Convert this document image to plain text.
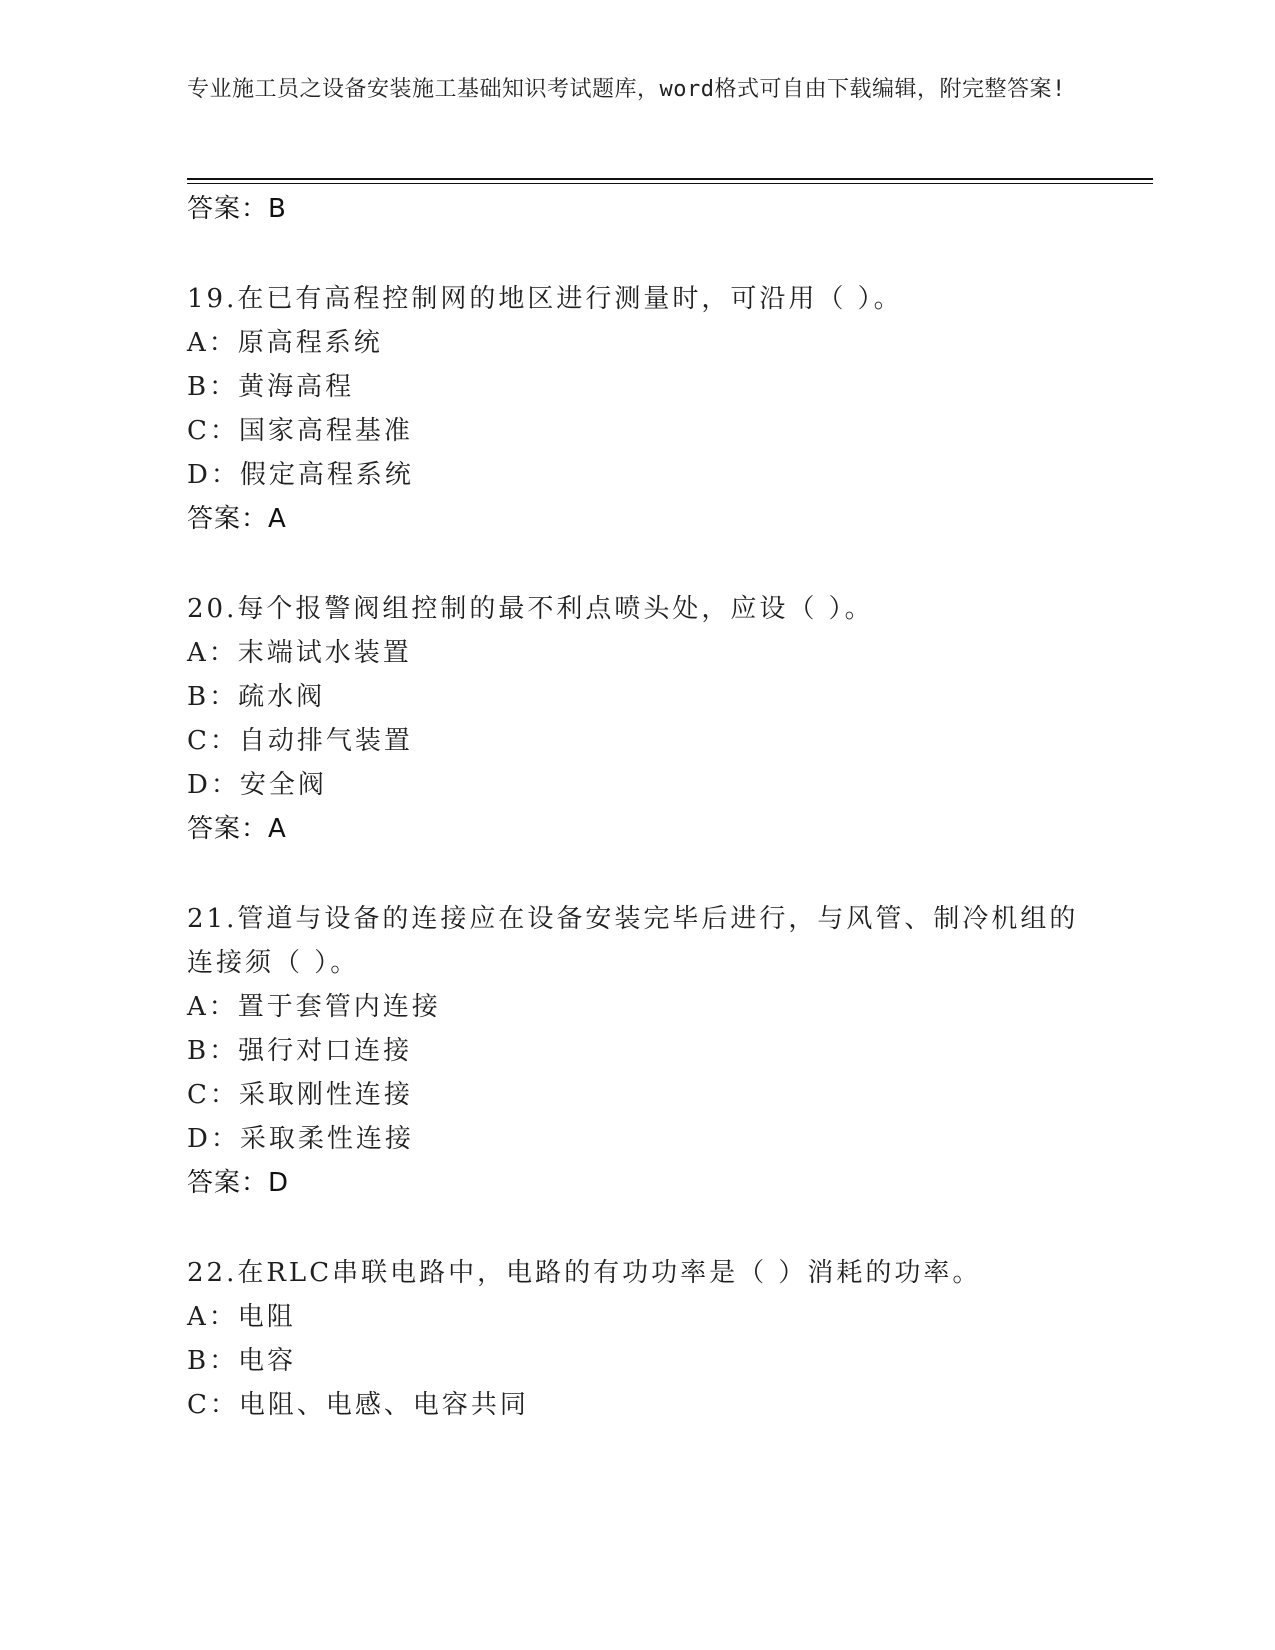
专业施工员之设备安装施工基础知识考试题库，word格式可自由下载编辑，附完整答案!
答案：B
19.在已有高程控制网的地区进行测量时，可沿用（ ）。
A：原高程系统
B：黄海高程
C：国家高程基准
D：假定高程系统
答案：A
20.每个报警阀组控制的最不利点喷头处，应设（ ）。
A：末端试水装置
B：疏水阀
C：自动排气装置
D：安全阀
答案：A
21.管道与设备的连接应在设备安装完毕后进行，与风管、制冷机组的
连接须（ ）。
A：置于套管内连接
B：强行对口连接
C：采取刚性连接
D：采取柔性连接
答案：D
22.在RLC串联电路中，电路的有功功率是（ ）消耗的功率。
A：电阻
B：电容
C：电阻、电感、电容共同
